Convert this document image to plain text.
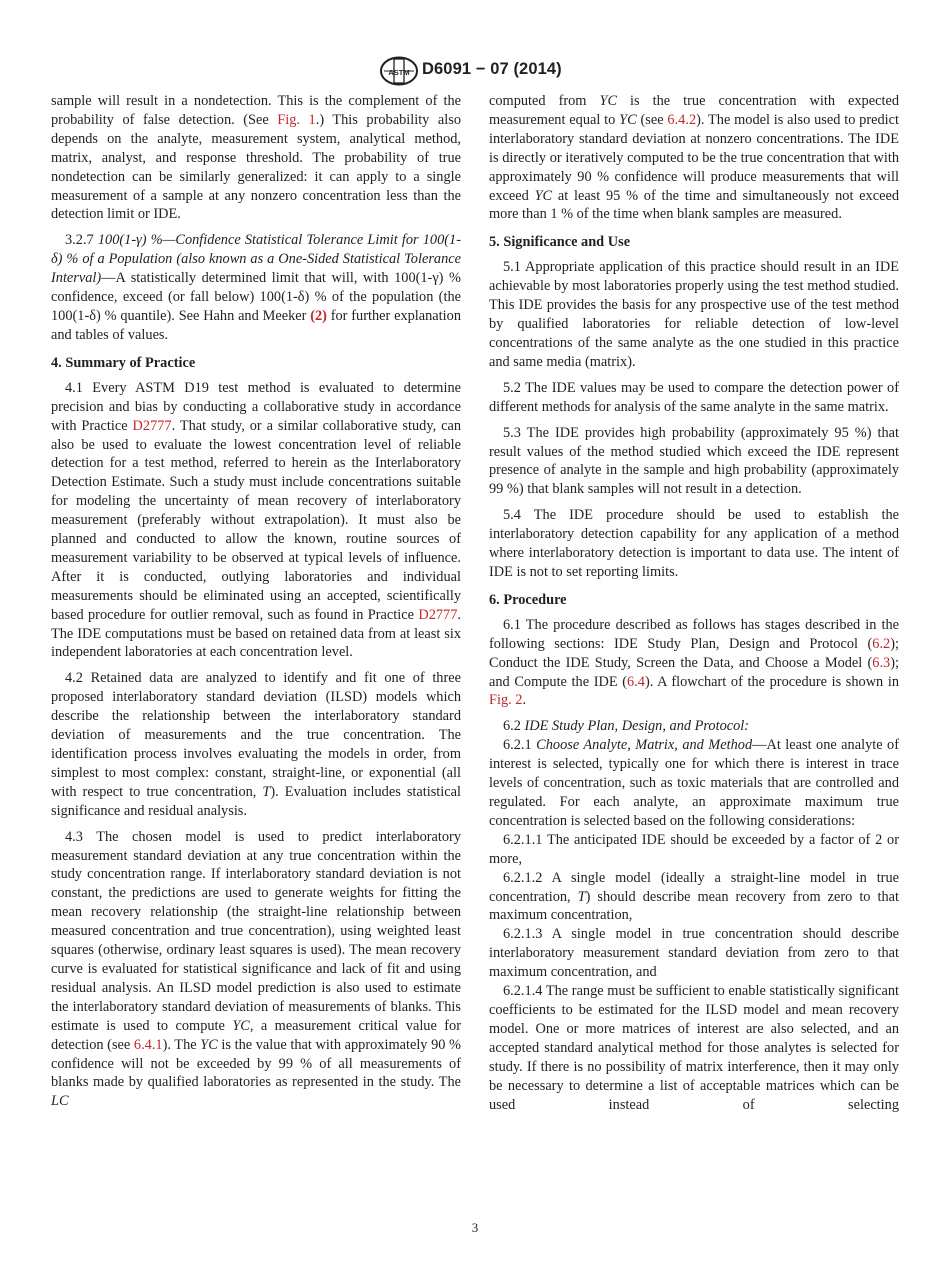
ASTM D6091 − 07 (2014)

sample will result in a nondetection. This is the complement of the probability of false detection. (See Fig. 1.) This probability also depends on the analyte, measurement system, analytical method, matrix, analyst, and response threshold. The probability of true nondetection can be similarly generalized: it can apply to a single measurement of a sample at any nonzero concentration less than the detection limit or IDE.

3.2.7 100(1-γ) %—Confidence Statistical Tolerance Limit for 100(1-δ) % of a Population (also known as a One-Sided Statistical Tolerance Interval)—A statistically determined limit that will, with 100(1-γ) % confidence, exceed (or fall below) 100(1-δ) % of the population (the 100(1-δ) % quantile). See Hahn and Meeker (2) for further explanation and tables of values.

4. Summary of Practice

4.1 Every ASTM D19 test method is evaluated to determine precision and bias by conducting a collaborative study in accordance with Practice D2777. That study, or a similar collaborative study, can also be used to evaluate the lowest concentration level of reliable detection for a test method, referred to herein as the Interlaboratory Detection Estimate. Such a study must include concentrations suitable for modeling the uncertainty of mean recovery of interlaboratory measurement (preferably without extrapolation). It must also be planned and conducted to allow the known, routine sources of measurement variability to be observed at typical levels of influence. After it is conducted, outlying laboratories and individual measurements should be eliminated using an accepted, scientifically based procedure for outlier removal, such as found in Practice D2777. The IDE computations must be based on retained data from at least six independent laboratories at each concentration level.

4.2 Retained data are analyzed to identify and fit one of three proposed interlaboratory standard deviation (ILSD) models which describe the relationship between the interlaboratory standard deviation of measurements and the true concentration. The identification process involves evaluating the models in order, from simplest to most complex: constant, straight-line, or exponential (all with respect to true concentration, T). Evaluation includes statistical significance and residual analysis.

4.3 The chosen model is used to predict interlaboratory measurement standard deviation at any true concentration within the study concentration range. If interlaboratory standard deviation is not constant, the predictions are used to generate weights for fitting the mean recovery relationship (the straight-line relationship between measured concentration and true concentration), using weighted least squares (otherwise, ordinary least squares is used). The mean recovery curve is evaluated for statistical significance and lack of fit and using residual analysis. An ILSD model prediction is also used to estimate the interlaboratory standard deviation of measurements of blanks. This estimate is used to compute YC, a measurement critical value for detection (see 6.4.1). The YC is the value that with approximately 90 % confidence will not be exceeded by 99 % of all measurements of blanks made by qualified laboratories as represented in the study. The LC

computed from YC is the true concentration with expected measurement equal to YC (see 6.4.2). The model is also used to predict interlaboratory standard deviation at nonzero concentrations. The IDE is directly or iteratively computed to be the true concentration that with approximately 90 % confidence will produce measurements that will exceed YC at least 95 % of the time and simultaneously not exceed more than 1 % of the time when blank samples are measured.

5. Significance and Use

5.1 Appropriate application of this practice should result in an IDE achievable by most laboratories properly using the test method studied. This IDE provides the basis for any prospective use of the test method by qualified laboratories for reliable detection of low-level concentrations of the same analyte as the one studied in this practice and same media (matrix).

5.2 The IDE values may be used to compare the detection power of different methods for analysis of the same analyte in the same matrix.

5.3 The IDE provides high probability (approximately 95 %) that result values of the method studied which exceed the IDE represent presence of analyte in the sample and high probability (approximately 99 %) that blank samples will not result in a detection.

5.4 The IDE procedure should be used to establish the interlaboratory detection capability for any application of a method where interlaboratory detection is important to data use. The intent of IDE is not to set reporting limits.

6. Procedure

6.1 The procedure described as follows has stages described in the following sections: IDE Study Plan, Design and Protocol (6.2); Conduct the IDE Study, Screen the Data, and Choose a Model (6.3); and Compute the IDE (6.4). A flowchart of the procedure is shown in Fig. 2.

6.2 IDE Study Plan, Design, and Protocol:

6.2.1 Choose Analyte, Matrix, and Method—At least one analyte of interest is selected, typically one for which there is interest in trace levels of concentration, such as toxic materials that are controlled and regulated. For each analyte, an approximate maximum true concentration is selected based on the following considerations:

6.2.1.1 The anticipated IDE should be exceeded by a factor of 2 or more,

6.2.1.2 A single model (ideally a straight-line model in true concentration, T) should describe mean recovery from zero to that maximum concentration,

6.2.1.3 A single model in true concentration should describe interlaboratory measurement standard deviation from zero to that maximum concentration, and

6.2.1.4 The range must be sufficient to enable statistically significant coefficients to be estimated for the ILSD model and mean recovery model. One or more matrices of interest are also selected, and an accepted standard analytical method for those analytes is selected for study. If there is no possibility of matrix interference, then it may only be necessary to determine a list of acceptable matrices which can be used instead of selecting

3
